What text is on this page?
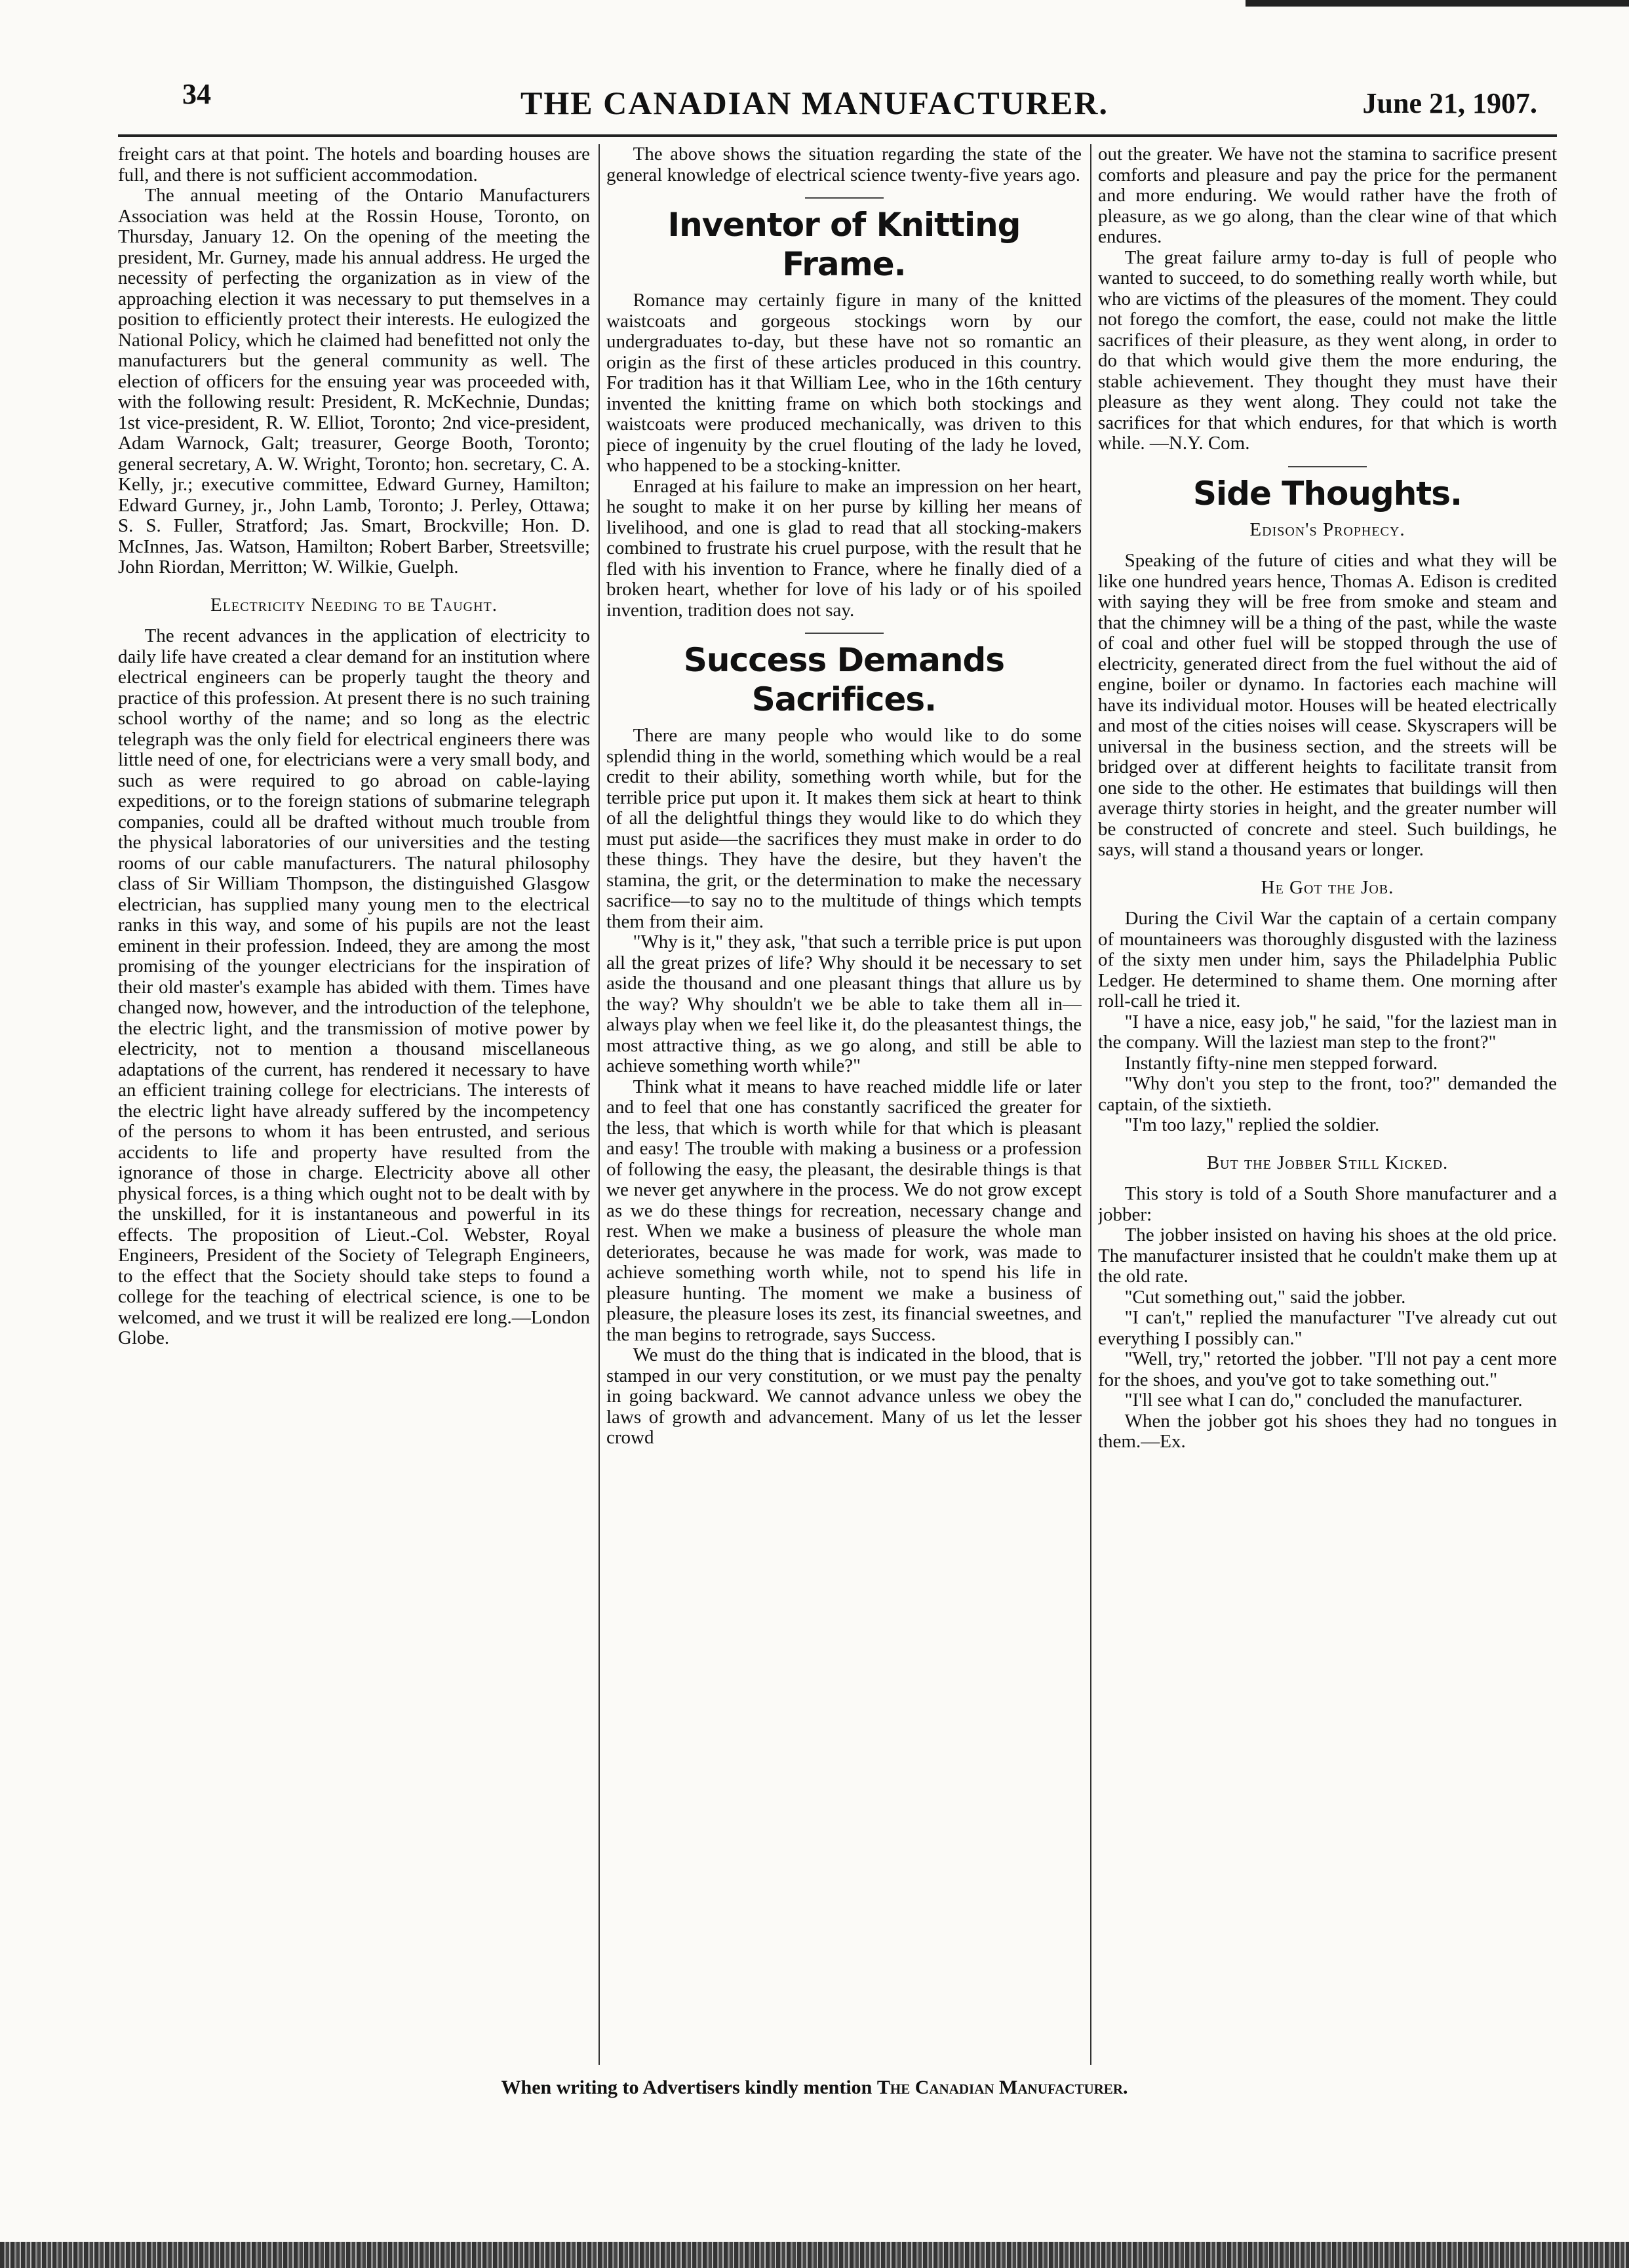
34	THE CANADIAN MANUFACTURER.	June 21, 1907.

freight cars at that point. The hotels and boarding houses are full, and there is not sufficient accommodation.

The annual meeting of the Ontario Manufacturers Association was held at the Rossin House, Toronto, on Thursday, January 12. On the opening of the meeting the president, Mr. Gurney, made his annual address. He urged the necessity of perfecting the organization as in view of the approaching election it was necessary to put themselves in a position to efficiently protect their interests. He eulogized the National Policy, which he claimed had benefitted not only the manufacturers but the general community as well. The election of officers for the ensuing year was proceeded with, with the following result: President, R. McKechnie, Dundas; 1st vice-president, R. W. Elliot, Toronto; 2nd vice-president, Adam Warnock, Galt; treasurer, George Booth, Toronto; general secretary, A. W. Wright, Toronto; hon. secretary, C. A. Kelly, jr.; executive committee, Edward Gurney, Hamilton; Edward Gurney, jr., John Lamb, Toronto; J. Perley, Ottawa; S. S. Fuller, Stratford; Jas. Smart, Brockville; Hon. D. McInnes, Jas. Watson, Hamilton; Robert Barber, Streetsville; John Riordan, Merritton; W. Wilkie, Guelph.

Electricity Needing to be Taught.

The recent advances in the application of electricity to daily life have created a clear demand for an institution where electrical engineers can be properly taught the theory and practice of this profession. At present there is no such training school worthy of the name; and so long as the electric telegraph was the only field for electrical engineers there was little need of one, for electricians were a very small body, and such as were required to go abroad on cable-laying expeditions, or to the foreign stations of submarine telegraph companies, could all be drafted without much trouble from the physical laboratories of our universities and the testing rooms of our cable manufacturers. The natural philosophy class of Sir William Thompson, the distinguished Glasgow electrician, has supplied many young men to the electrical ranks in this way, and some of his pupils are not the least eminent in their profession. Indeed, they are among the most promising of the younger electricians for the inspiration of their old master's example has abided with them. Times have changed now, however, and the introduction of the telephone, the electric light, and the transmission of motive power by electricity, not to mention a thousand miscellaneous adaptations of the current, has rendered it necessary to have an efficient training college for electricians. The interests of the electric light have already suffered by the incompetency of the persons to whom it has been entrusted, and serious accidents to life and property have resulted from the ignorance of those in charge. Electricity above all other physical forces, is a thing which ought not to be dealt with by the unskilled, for it is instantaneous and powerful in its effects. The proposition of Lieut.-Col. Webster, Royal Engineers, President of the Society of Telegraph Engineers, to the effect that the Society should take steps to found a college for the teaching of electrical science, is one to be welcomed, and we trust it will be realized ere long.—London Globe.

The above shows the situation regarding the state of the general knowledge of electrical science twenty-five years ago.

Inventor of Knitting Frame.

Romance may certainly figure in many of the knitted waistcoats and gorgeous stockings worn by our undergraduates to-day, but these have not so romantic an origin as the first of these articles produced in this country. For tradition has it that William Lee, who in the 16th century invented the knitting frame on which both stockings and waistcoats were produced mechanically, was driven to this piece of ingenuity by the cruel flouting of the lady he loved, who happened to be a stocking-knitter.

Enraged at his failure to make an impression on her heart, he sought to make it on her purse by killing her means of livelihood, and one is glad to read that all stocking-makers combined to frustrate his cruel purpose, with the result that he fled with his invention to France, where he finally died of a broken heart, whether for love of his lady or of his spoiled invention, tradition does not say.

Success Demands Sacrifices.

There are many people who would like to do some splendid thing in the world, something which would be a real credit to their ability, something worth while, but for the terrible price put upon it. It makes them sick at heart to think of all the delightful things they would like to do which they must put aside—the sacrifices they must make in order to do these things. They have the desire, but they haven't the stamina, the grit, or the determination to make the necessary sacrifice—to say no to the multitude of things which tempts them from their aim.

"Why is it," they ask, "that such a terrible price is put upon all the great prizes of life? Why should it be necessary to set aside the thousand and one pleasant things that allure us by the way? Why shouldn't we be able to take them all in—always play when we feel like it, do the pleasantest things, the most attractive thing, as we go along, and still be able to achieve something worth while?"

Think what it means to have reached middle life or later and to feel that one has constantly sacrificed the greater for the less, that which is worth while for that which is pleasant and easy! The trouble with making a business or a profession of following the easy, the pleasant, the desirable things is that we never get anywhere in the process. We do not grow except as we do these things for recreation, necessary change and rest. When we make a business of pleasure the whole man deteriorates, because he was made for work, was made to achieve something worth while, not to spend his life in pleasure hunting. The moment we make a business of pleasure, the pleasure loses its zest, its financial sweetnes, and the man begins to retrograde, says Success.

We must do the thing that is indicated in the blood, that is stamped in our very constitution, or we must pay the penalty in going backward. We cannot advance unless we obey the laws of growth and advancement. Many of us let the lesser crowd

out the greater. We have not the stamina to sacrifice present comforts and pleasure and pay the price for the permanent and more enduring. We would rather have the froth of pleasure, as we go along, than the clear wine of that which endures.

The great failure army to-day is full of people who wanted to succeed, to do something really worth while, but who are victims of the pleasures of the moment. They could not forego the comfort, the ease, could not make the little sacrifices of their pleasure, as they went along, in order to do that which would give them the more enduring, the stable achievement. They thought they must have their pleasure as they went along. They could not take the sacrifices for that which endures, for that which is worth while. —N.Y. Com.

Side Thoughts.
Edison's Prophecy.

Speaking of the future of cities and what they will be like one hundred years hence, Thomas A. Edison is credited with saying they will be free from smoke and steam and that the chimney will be a thing of the past, while the waste of coal and other fuel will be stopped through the use of electricity, generated direct from the fuel without the aid of engine, boiler or dynamo. In factories each machine will have its individual motor. Houses will be heated electrically and most of the cities noises will cease. Skyscrapers will be universal in the business section, and the streets will be bridged over at different heights to facilitate transit from one side to the other. He estimates that buildings will then average thirty stories in height, and the greater number will be constructed of concrete and steel. Such buildings, he says, will stand a thousand years or longer.

He Got the Job.

During the Civil War the captain of a certain company of mountaineers was thoroughly disgusted with the laziness of the sixty men under him, says the Philadelphia Public Ledger. He determined to shame them. One morning after roll-call he tried it.

"I have a nice, easy job," he said, "for the laziest man in the company. Will the laziest man step to the front?"

Instantly fifty-nine men stepped forward.

"Why don't you step to the front, too?" demanded the captain, of the sixtieth.

"I'm too lazy," replied the soldier.

But the Jobber Still Kicked.

This story is told of a South Shore manufacturer and a jobber:

The jobber insisted on having his shoes at the old price. The manufacturer insisted that he couldn't make them up at the old rate.

"Cut something out," said the jobber.

"I can't," replied the manufacturer "I've already cut out everything I possibly can."

"Well, try," retorted the jobber. "I'll not pay a cent more for the shoes, and you've got to take something out."

"I'll see what I can do," concluded the manufacturer.

When the jobber got his shoes they had no tongues in them.—Ex.

When writing to Advertisers kindly mention The Canadian Manufacturer.
